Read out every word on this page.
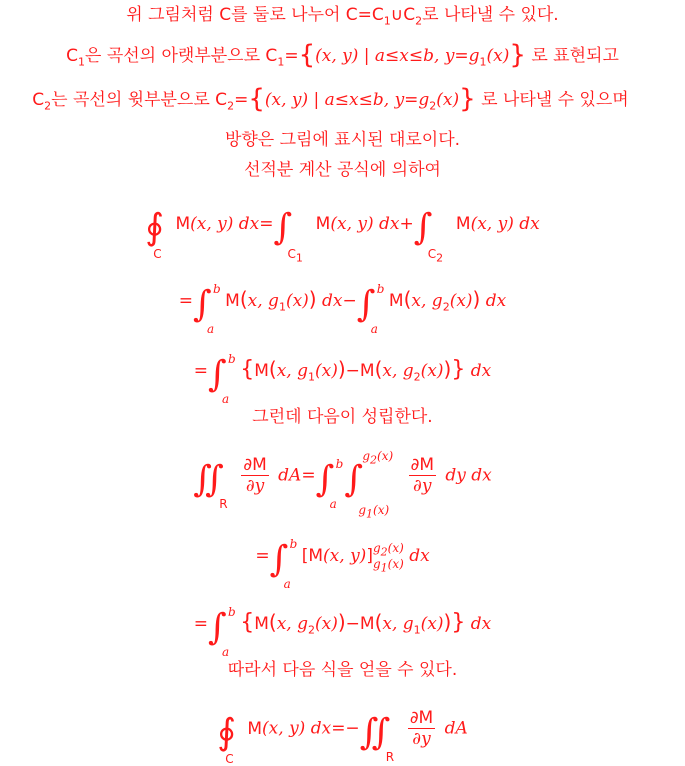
위 그림처럼 C를 둘로 나누어 $C=C_1\cup C_2$로 나타낼 수 있다.
$C_1$은 곡선의 아랫부분으로 $C_1=\{(x$, y) | a≤x≤b, $y=g_1(x)$} 로 표현되고
$C_2$는 곡선의 윗부분으로 $C_2=\{(x$, y) | a≤x≤b, $y=g_2(x)$} 로 나타낼 수 있으며
방향은 그림에 표시된 대로이다.
선적분 계산 공식에 의하여
∮
C
M(x, y) dx=∫
$C_1$
M(x, y) dx+∫
$C_2$
M(x, y) dx
=∫ b
a
M(x, $g_1(x)$) dx−∫ b
a
M(x, $g_2(x)$) dx
=∫ b
a
{M(x, $g_1(x))-M(x$, $g_2(x)$)} dx
그런데 다음이 성립한다.
∬
R

$\frac{\partial M}{\partial y} dA=\int$ b
a
∫
$g_2(x)$
$g_1(x)$

$\frac{\partial M}{\partial y}$ dy dx
=∫ b
a
[M(x, y)] $g_2(x)$
$g_1(x)$ dx
=∫ b
a
{M(x, $g_2(x))-M(x$, $g_1(x)$)} dx
따라서 다음 식을 얻을 수 있다.
∮
C
M(x, y) dx=−∬
R

$\frac{\partial M}{\partial y}$ dA
